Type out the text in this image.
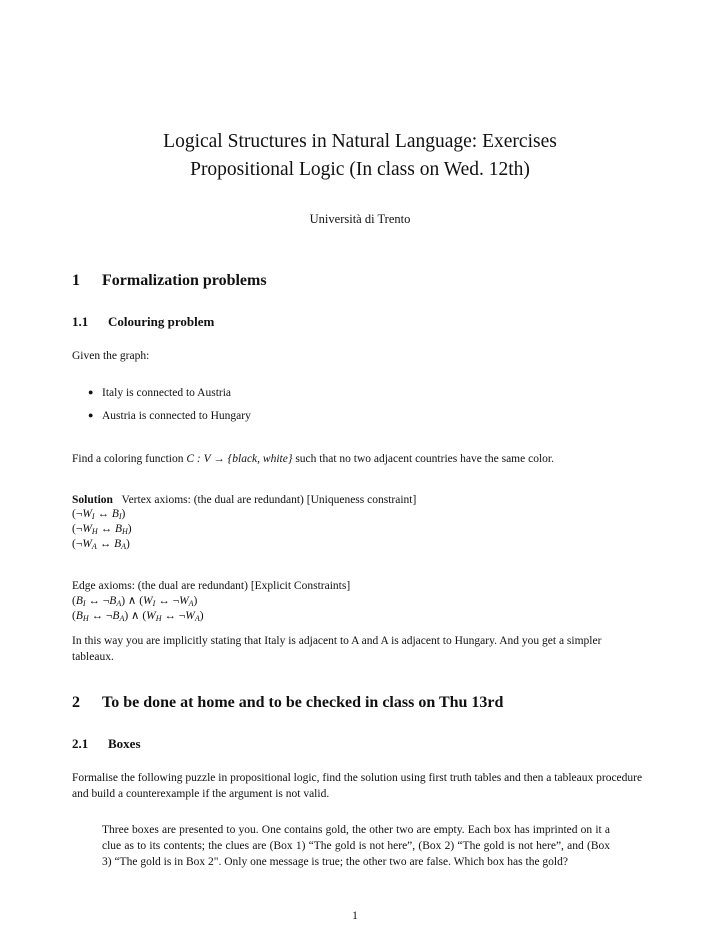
Logical Structures in Natural Language: Exercises
Propositional Logic (In class on Wed. 12th)
Università di Trento
1 Formalization problems
1.1 Colouring problem
Given the graph:
● Italy is connected to Austria
● Austria is connected to Hungary
Find a coloring function C : V → {black, white} such that no two adjacent countries have the same color.
Solution Vertex axioms: (the dual are redundant) [Uniqueness constraint]
($\neg W_I$ ↔ $B_I$)
($\neg W_H$ ↔ $B_H$)
($\neg W_A$ ↔ $B_A$)
Edge axioms: (the dual are redundant) [Explicit Constraints]
($B_I$ ↔ $\neg B_A$) ∧ ($W_I$ ↔ $\neg W_A$)
($B_H$ ↔ $\neg B_A$) ∧ ($W_H$ ↔ $\neg W_A$)
In this way you are implicitly stating that Italy is adjacent to A and A is adjacent to Hungary. And you get a simpler tableaux.
2 To be done at home and to be checked in class on Thu 13rd
2.1 Boxes
Formalise the following puzzle in propositional logic, find the solution using first truth tables and then a tableaux procedure and build a counterexample if the argument is not valid.
Three boxes are presented to you. One contains gold, the other two are empty. Each box has imprinted on it a clue as to its contents; the clues are (Box 1) “The gold is not here”, (Box 2) “The gold is not here”, and (Box 3) “The gold is in Box 2". Only one message is true; the other two are false. Which box has the gold?
1
